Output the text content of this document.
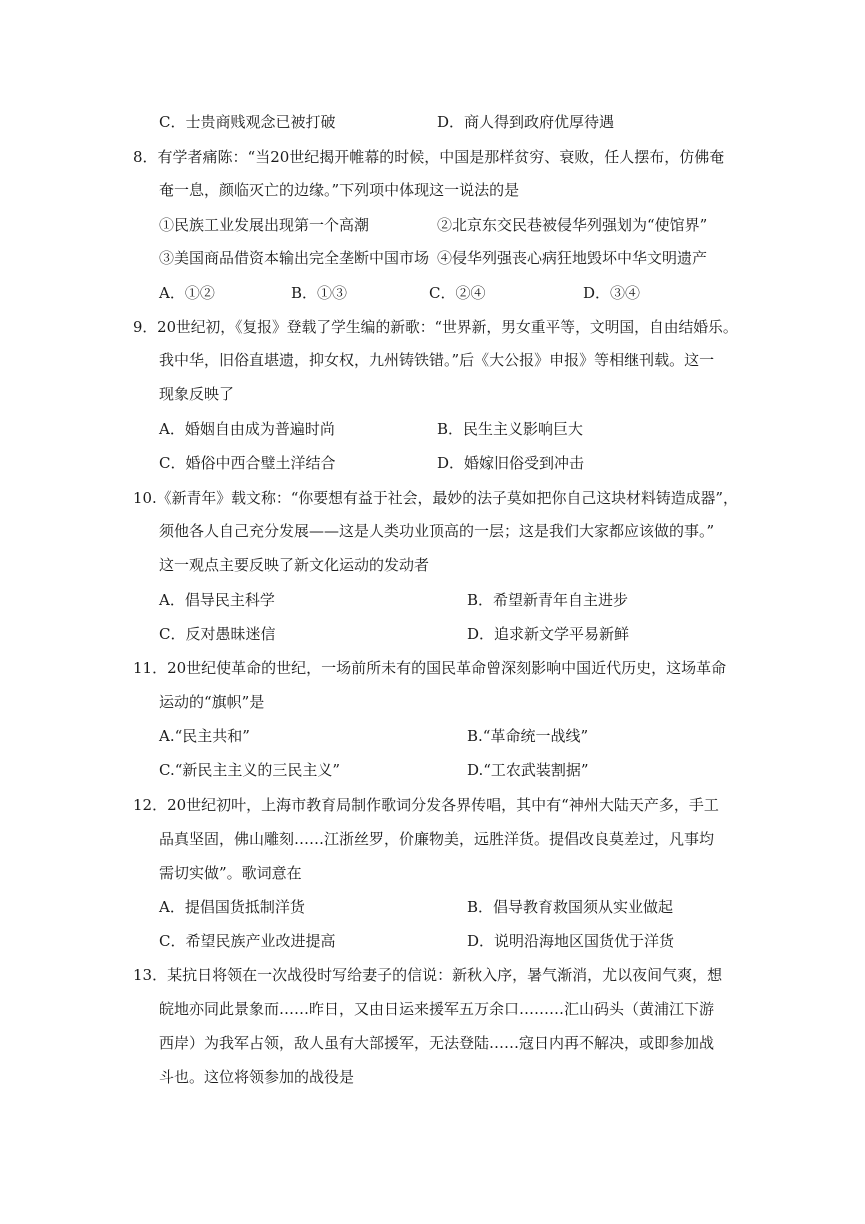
C．士贵商贱观念已被打破	D．商人得到政府优厚待遇
8．有学者痛陈：“当20世纪揭开帷幕的时候，中国是那样贫穷、衰败，任人摆布，仿佛奄
奄一息，颜临灭亡的边缘。”下列项中体现这一说法的是
①民族工业发展出现第一个高潮	②北京东交民巷被侵华列强划为“使馆界”
③美国商品借资本输出完全垄断中国市场 ④侵华列强丧心病狂地毁坏中华文明遗产
A．①②	B．①③	C．②④	D．③④
9．20世纪初，《复报》登载了学生编的新歌：“世界新，男女重平等，文明国，自由结婚乐。
我中华，旧俗直堪遗，抑女权，九州铸铁错。”后《大公报》申报》等相继刊载。这一
现象反映了
A．婚姻自由成为普遍时尚	B．民生主义影响巨大
C．婚俗中西合璧土洋结合	D．婚嫁旧俗受到冲击
10.《新青年》载文称：“你要想有益于社会，最妙的法子莫如把你自己这块材料铸造成器”，
须他各人自己充分发展——这是人类功业顶高的一层；这是我们大家都应该做的事。”
这一观点主要反映了新文化运动的发动者
A．倡导民主科学	B．希望新青年自主进步
C．反对愚昧迷信	D．追求新文学平易新鲜
11．20世纪使革命的世纪，一场前所未有的国民革命曾深刻影响中国近代历史，这场革命
运动的“旗帜”是
A.“民主共和”	B.“革命统一战线”
C.“新民主主义的三民主义”	D.“工农武装割据”
12．20世纪初叶，上海市教育局制作歌词分发各界传唱，其中有“神州大陆天产多，手工
品真坚固，佛山雕刻……江浙丝罗，价廉物美，远胜洋货。提倡改良莫差过，凡事均
需切实做”。歌词意在
A．提倡国货抵制洋货	B．倡导教育救国须从实业做起
C．希望民族产业改进提高	D．说明沿海地区国货优于洋货
13．某抗日将领在一次战役时写给妻子的信说：新秋入序，暑气渐消，尤以夜间气爽，想
皖地亦同此景象而……昨日，又由日运来援军五万余口………汇山码头（黄浦江下游
西岸）为我军占领，敌人虽有大部援军，无法登陆……寇日内再不解决，或即参加战
斗也。这位将领参加的战役是
